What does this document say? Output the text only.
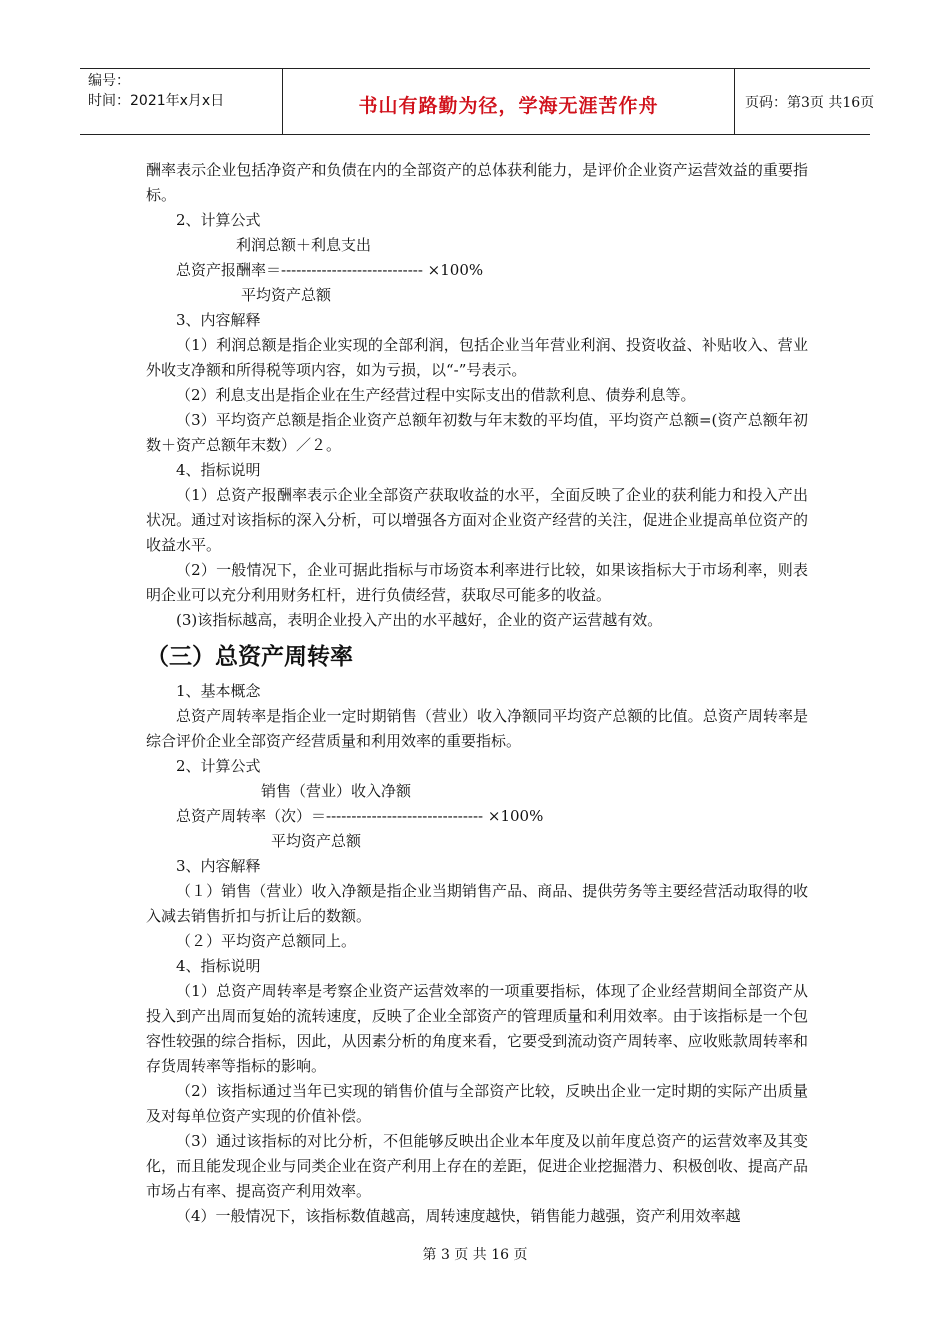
编号：
时间：2021年x月x日	书山有路勤为径，学海无涯苦作舟	页码：第3页 共16页

酬率表示企业包括净资产和负债在内的全部资产的总体获利能力，是评价企业资产运营效益的重要指标。

2、计算公式

利润总额＋利息支出

总资产报酬率＝---------------------------- ×100%

平均资产总额

3、内容解释

（1）利润总额是指企业实现的全部利润，包括企业当年营业利润、投资收益、补贴收入、营业外收支净额和所得税等项内容，如为亏损，以“-”号表示。

（2）利息支出是指企业在生产经营过程中实际支出的借款利息、债券利息等。

（3）平均资产总额是指企业资产总额年初数与年末数的平均值，平均资产总额=(资产总额年初数＋资产总额年末数）／２。

4、指标说明

（1）总资产报酬率表示企业全部资产获取收益的水平，全面反映了企业的获利能力和投入产出状况。通过对该指标的深入分析，可以增强各方面对企业资产经营的关注，促进企业提高单位资产的收益水平。

（2）一般情况下，企业可据此指标与市场资本利率进行比较，如果该指标大于市场利率，则表明企业可以充分利用财务杠杆，进行负债经营，获取尽可能多的收益。

(3)该指标越高，表明企业投入产出的水平越好，企业的资产运营越有效。

（三）总资产周转率

1、基本概念

总资产周转率是指企业一定时期销售（营业）收入净额同平均资产总额的比值。总资产周转率是综合评价企业全部资产经营质量和利用效率的重要指标。

2、计算公式

销售（营业）收入净额

总资产周转率（次）＝------------------------------- ×100%

平均资产总额

3、内容解释

（１）销售（营业）收入净额是指企业当期销售产品、商品、提供劳务等主要经营活动取得的收入减去销售折扣与折让后的数额。

（２）平均资产总额同上。

4、指标说明

（1）总资产周转率是考察企业资产运营效率的一项重要指标，体现了企业经营期间全部资产从投入到产出周而复始的流转速度，反映了企业全部资产的管理质量和利用效率。由于该指标是一个包容性较强的综合指标，因此，从因素分析的角度来看，它要受到流动资产周转率、应收账款周转率和存货周转率等指标的影响。

（2）该指标通过当年已实现的销售价值与全部资产比较，反映出企业一定时期的实际产出质量及对每单位资产实现的价值补偿。

（3）通过该指标的对比分析，不但能够反映出企业本年度及以前年度总资产的运营效率及其变化，而且能发现企业与同类企业在资产利用上存在的差距，促进企业挖掘潜力、积极创收、提高产品市场占有率、提高资产利用效率。

（4）一般情况下，该指标数值越高，周转速度越快，销售能力越强，资产利用效率越

第 3 页 共 16 页
